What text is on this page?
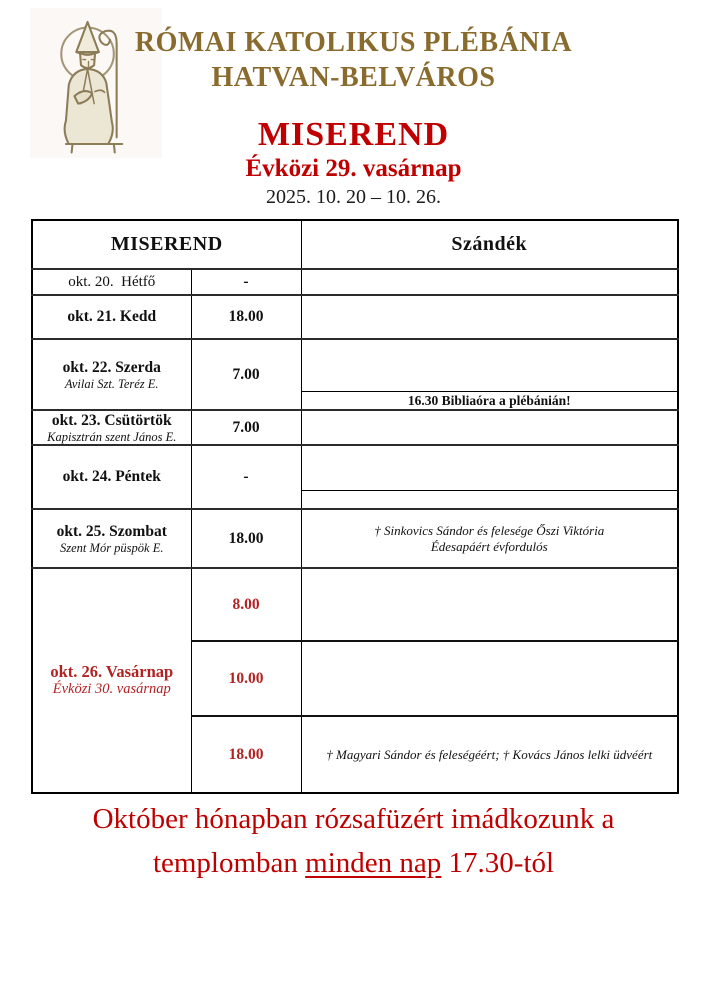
RÓMAI KATOLIKUS PLÉBÁNIA
HATVAN-BELVÁROS
MISEREND
Évközi 29. vasárnap
2025. 10. 20 – 10. 26.
MISEREND		Szándék

okt. 20.  Hétfő	-	

okt. 21. Kedd	18.00	

okt. 22. Szerda
Avilai Szt. Teréz E.	7.00	
		16.30 Bibliaóra a plébánián!

okt. 23. Csütörtök
Kapisztrán szent János E.	7.00	

okt. 24. Péntek	-	

okt. 25. Szombat
Szent Mór püspök E.
	18.00	† Sinkovics Sándor és felesége Őszi Viktória
Édesapáért évfordulós

okt. 26. Vasárnap
Évközi 30. vasárnap	8.00	
	10.00	
	18.00	† Magyari Sándor és feleségéért; † Kovács János lelki üdvéért
Október hónapban rózsafüzért imádkozunk a
templomban minden nap 17.30-tól
